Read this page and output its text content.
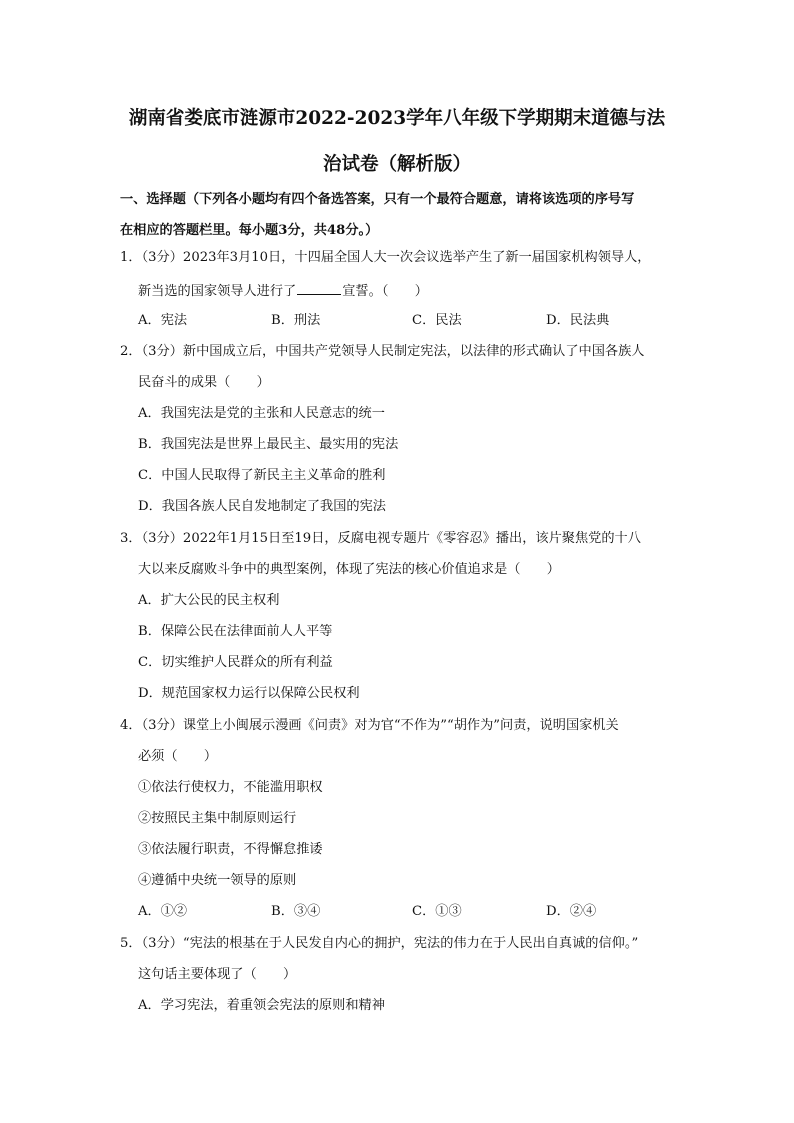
湖南省娄底市涟源市2022-2023学年八年级下学期期末道德与法
治试卷（解析版）
一、选择题（下列各小题均有四个备选答案，只有一个最符合题意，请将该选项的序号写
在相应的答题栏里。每小题3分，共48分。）
1．（3分）2023年3月10日，十四届全国人大一次会议选举产生了新一届国家机构领导人，
新当选的国家领导人进行了	宣誓。（　　）
A．宪法	B．刑法	C．民法	D．民法典
2．（3分）新中国成立后，中国共产党领导人民制定宪法，以法律的形式确认了中国各族人
民奋斗的成果（　　）
A．我国宪法是党的主张和人民意志的统一
B．我国宪法是世界上最民主、最实用的宪法
C．中国人民取得了新民主主义革命的胜利
D．我国各族人民自发地制定了我国的宪法
3．（3分）2022年1月15日至19日，反腐电视专题片《零容忍》播出，该片聚焦党的十八
大以来反腐败斗争中的典型案例，体现了宪法的核心价值追求是（　　）
A．扩大公民的民主权利
B．保障公民在法律面前人人平等
C．切实维护人民群众的所有利益
D．规范国家权力运行以保障公民权利
4．（3分）课堂上小闽展示漫画《问责》对为官“不作为”“胡作为”问责，说明国家机关
必须（　　）
①依法行使权力，不能滥用职权
②按照民主集中制原则运行
③依法履行职责，不得懈怠推诿
④遵循中央统一领导的原则
A．①②	B．③④	C．①③	D．②④
5．（3分）“宪法的根基在于人民发自内心的拥护，宪法的伟力在于人民出自真诚的信仰。”
这句话主要体现了（　　）
A．学习宪法，着重领会宪法的原则和精神
